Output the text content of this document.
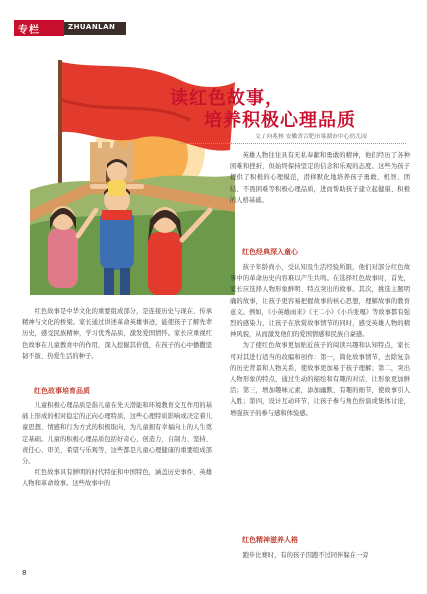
专栏	ZHUANLAN
读红色故事，
培养积极心理品质
文 / 向兆林 安徽省合肥市巢湖市中心幼儿园

英雄人物往往具有无私奉献和勇敢的精神，他们经历了各种困难和挫折，但始终保持坚定的信念和乐观的态度。这些为孩子提供了积极的心理模范，潜移默化地培养孩子勇敢、机智、团结、不畏困难等积极心理品质，进而帮助孩子建立起健康、积极的人格基础。

红色经典深入童心

孩子年龄尚小，受认知及生活经验所限，他们对部分红色故事中的革命历史内容难以产生共鸣。在选择红色故事时，首先，家长应选择人物形象鲜明、特点突出的故事。其次，挑选主题明确的故事，让孩子更容易把握故事的核心思想，理解故事的教育意义。例如，《小英雄雨来》《王二小》《小兵张嘎》等故事都有强烈的感染力，让孩子在欣赏故事情节的同时，感受英雄人物的精神风貌，从而激发他们的爱国情感和民族自豪感。

为了使红色故事更加贴近孩子的阅读兴趣和认知特点，家长可对其进行适当的改编和创作：第一，简化故事情节，去除复杂的历史背景和人物关系，使故事更加易于孩子理解；第二，突出人物形象的特点，通过生动的描绘和有趣的对话，让形象更加鲜活；第三，增加趣味元素，添加幽默、有趣的细节，使故事引人入胜；第四，设计互动环节，让孩子参与角色扮演或集体讨论，增强孩子的参与感和体验感。

红色精神滋养人格

跑步比赛时，有的孩子因跑不过同伴躲在一旁

红色故事是中华文化的重要组成部分，是连接历史与现在、传承精神与文化的桥梁。家长通过讲述革命英雄事迹，能使孩子了解先辈历史，感受民族精神，学习优秀品质，激发爱国情怀。家长应重视红色故事在儿童教育中的作用，深入挖掘其价值，在孩子的心中播撒坚韧不拔、热爱生活的种子。

红色故事培育品质

儿童积极心理品质是指儿童在先天潜能和环境教育交互作用的基础上形成的相对稳定的正向心理特质，这些心理特质影响或决定着儿童思想、情感和行为方式的积极取向，为儿童拥有幸福向上的人生奠定基础。儿童的积极心理品质包括好奇心、创造力、自制力、坚持、责任心、审美、希望与乐观等，这些都是儿童心理健康的重要组成部分。

红色故事具有鲜明的时代特征和中国特色，涵盖历史事件、英雄人物和革命故事。这些故事中的

8
